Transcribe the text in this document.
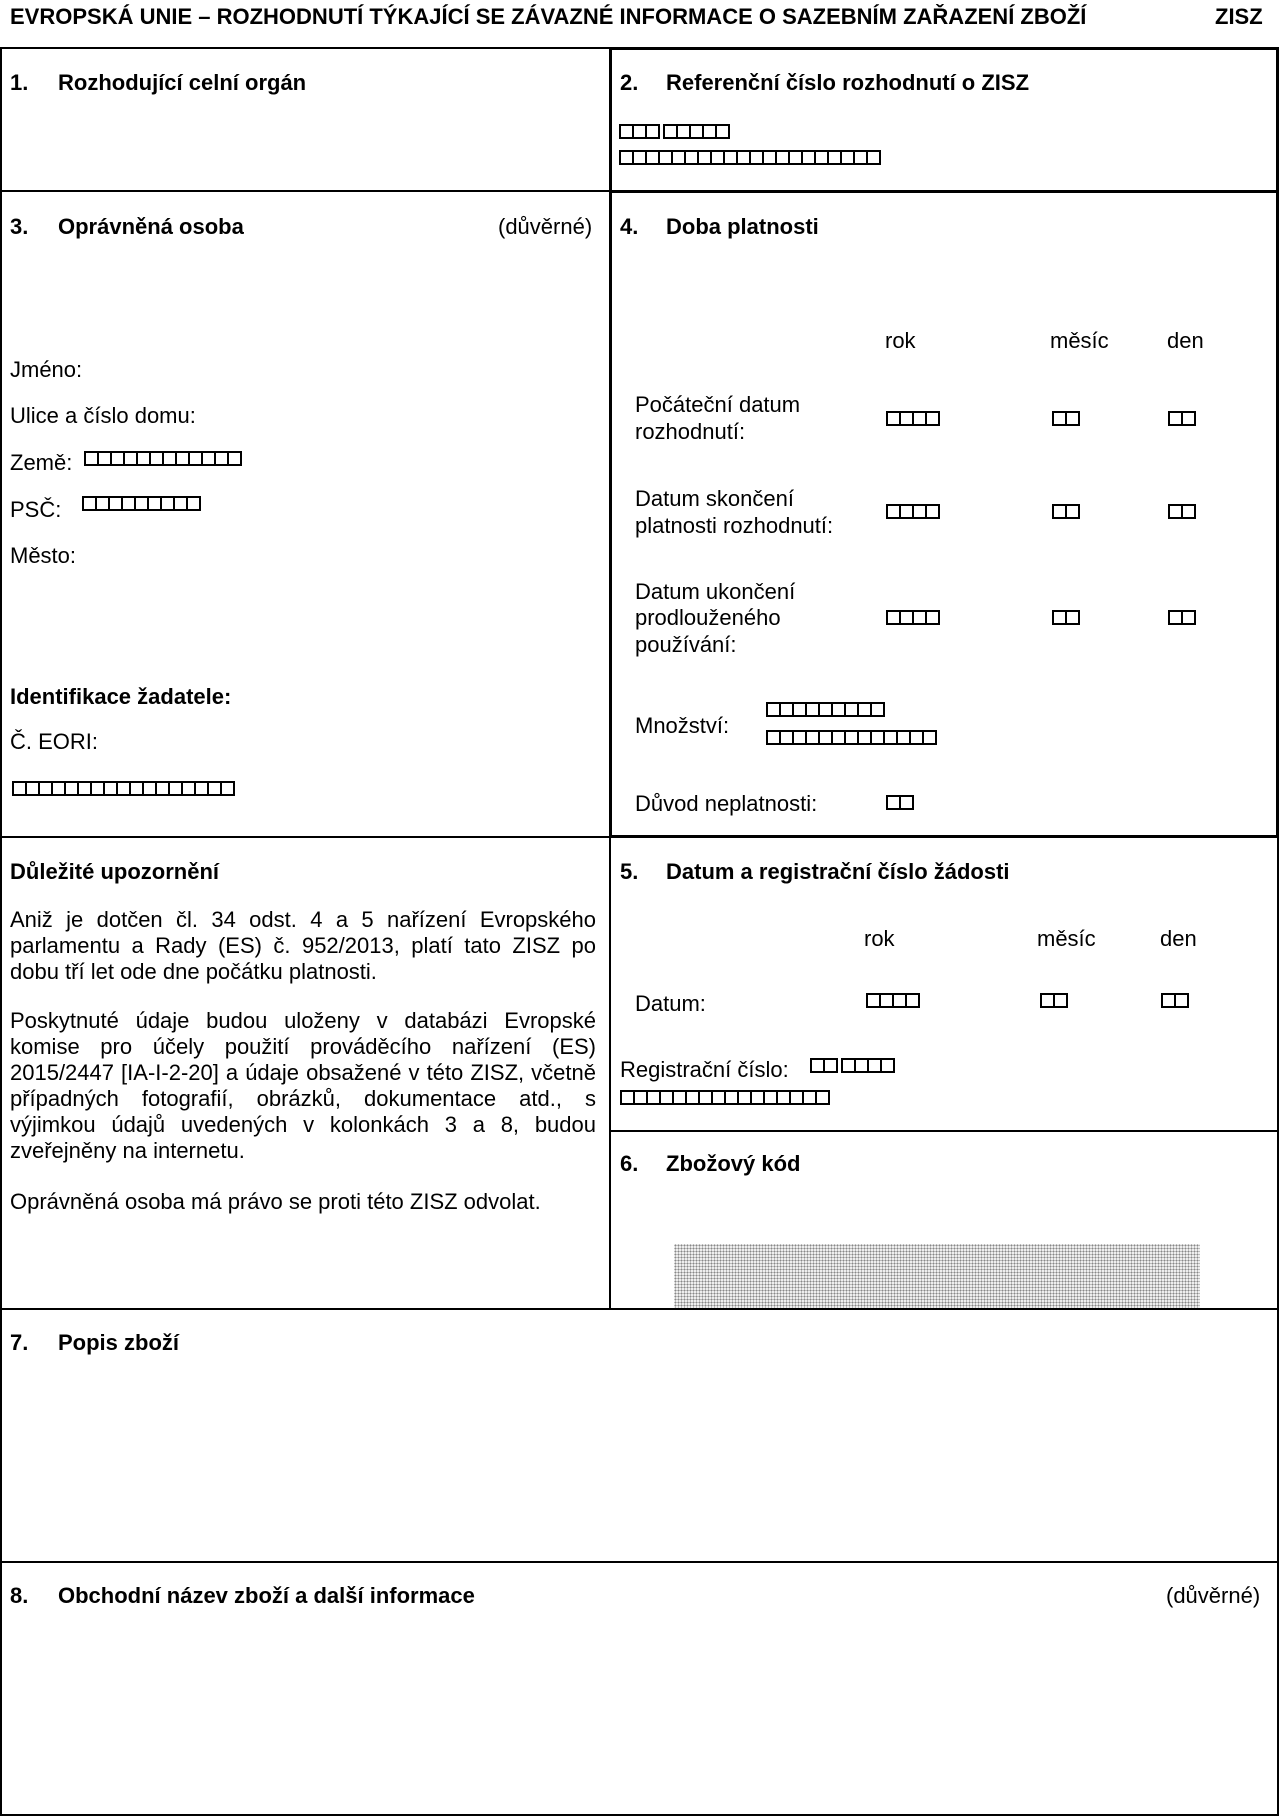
EVROPSKÁ UNIE – ROZHODNUTÍ TÝKAJÍCÍ SE ZÁVAZNÉ INFORMACE O SAZEBNÍM ZAŘAZENÍ ZBOŽÍ	ZISZ
1. Rozhodující celní orgán	2. Referenční číslo rozhodnutí o ZISZ
3. Oprávněná osoba	(důvěrné)
Jméno:
Ulice a číslo domu:
Země:
PSČ:
Město:
Identifikace žadatele:
Č. EORI:
4. Doba platnosti
rok	měsíc	den
Počáteční datum
rozhodnutí:
Datum skončení
platnosti rozhodnutí:
Datum ukončení
prodlouženého
používání:
Množství:
Důvod neplatnosti:
Důležité upozornění
Aniž je dotčen čl. 34 odst. 4 a 5 nařízení Evropského parlamentu a Rady (ES) č. 952/2013, platí tato ZISZ po dobu tří let ode dne počátku platnosti.
Poskytnuté údaje budou uloženy v databázi Evropské komise pro účely použití prováděcího nařízení (ES) 2015/2447 [IA-I-2-20] a údaje obsažené v této ZISZ, včetně případných fotografií, obrázků, dokumentace atd., s výjimkou údajů uvedených v kolonkách 3 a 8, budou zveřejněny na internetu.
Oprávněná osoba má právo se proti této ZISZ odvolat.
5. Datum a registrační číslo žádosti
rok	měsíc	den
Datum:
Registrační číslo:
6. Zbožový kód
7. Popis zboží
8. Obchodní název zboží a další informace	(důvěrné)
